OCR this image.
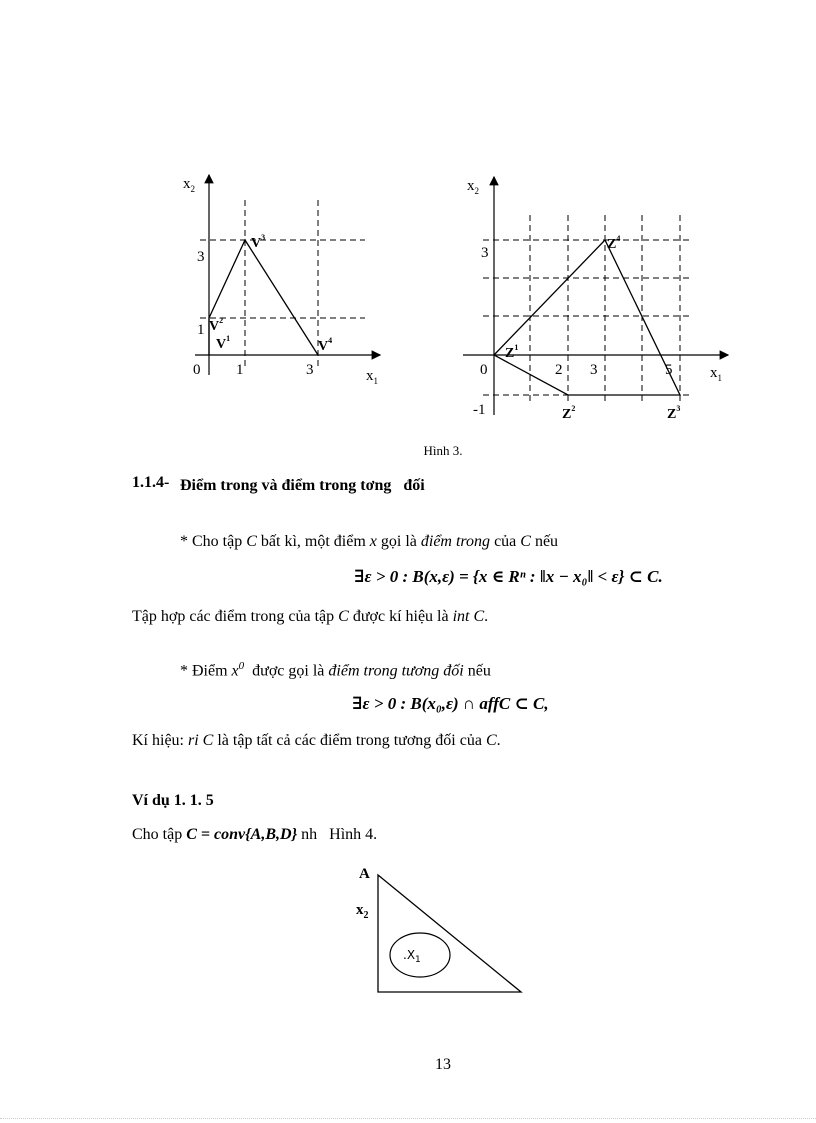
$x_2$
$x_1$
0 1	3
3
1
$V^1$
$V^2$
$V^3$
$V^4$
$x_2$
$x_1$
0	2 3	5
3
-1
$Z^1$
$Z^2$	$Z^3$
$Z^4$
Hình 3.
1.1.4- Điểm trong và điểm trong tơng   đối
* Cho tập C bất kì, một điểm x gọi là điểm trong của C nếu
∃ε > 0 : B(x,ε) = {x ∈ Rⁿ : ‖x − x₀‖ < ε} ⊂ C.
Tập hợp các điểm trong của tập C được kí hiệu là int C.
* Điểm $x^0$  được gọi là điểm trong tương đối nếu
∃ε > 0 : B(x₀,ε) ∩ affC ⊂ C,
Kí hiệu: ri C là tập tất cả các điểm trong tương đối của C.
Ví dụ 1. 1. 5
Cho tập C = conv{A,B,D} nh   Hình 4.
A
$x_2$
$.X_1$
13
